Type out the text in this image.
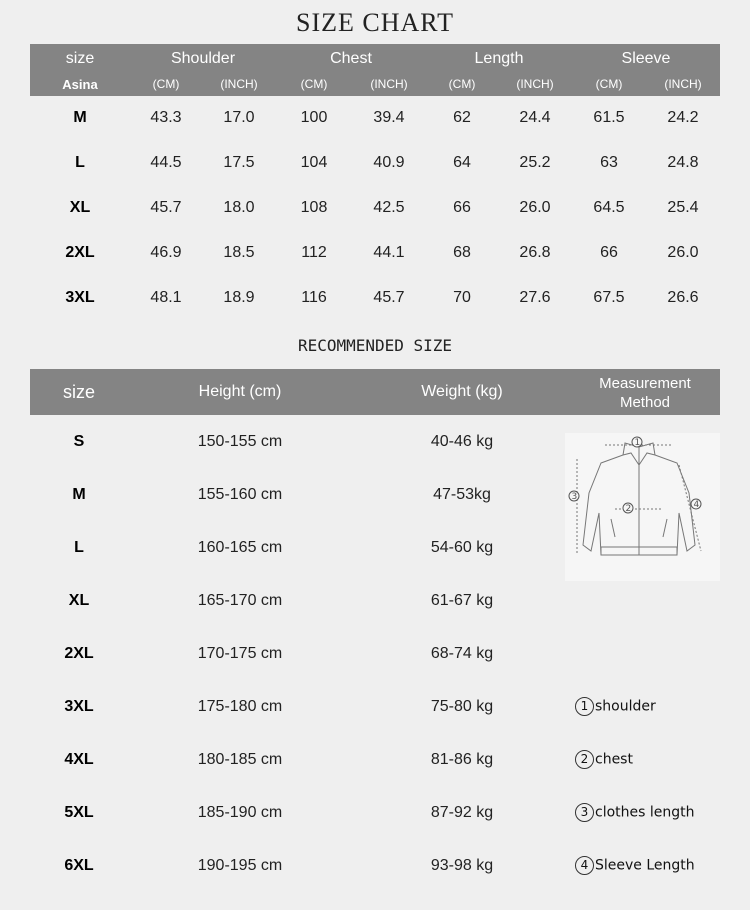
SIZE CHART
size	Shoulder	Chest	Length	Sleeve
Asina	(CM)	(INCH)	(CM)	(INCH)	(CM)	(INCH)	(CM)	(INCH)
M	43.3	17.0	100	39.4	62	24.4	61.5	24.2
L	44.5	17.5	104	40.9	64	25.2	63	24.8
XL	45.7	18.0	108	42.5	66	26.0	64.5	25.4
2XL	46.9	18.5	112	44.1	68	26.8	66	26.0
3XL	48.1	18.9	116	45.7	70	27.6	67.5	26.6
RECOMMENDED SIZE
size	Height (cm)	Weight (kg)	Measurement Method
S	150-155 cm	40-46 kg
M	155-160 cm	47-53kg
L	160-165 cm	54-60 kg
XL	165-170 cm	61-67 kg
2XL	170-175 cm	68-74 kg
3XL	175-180 cm	75-80 kg
4XL	180-185 cm	81-86 kg
5XL	185-190 cm	87-92 kg
6XL	190-195 cm	93-98 kg
1
2
3
4
1 shoulder
2 chest
3 clothes length
4 Sleeve Length
